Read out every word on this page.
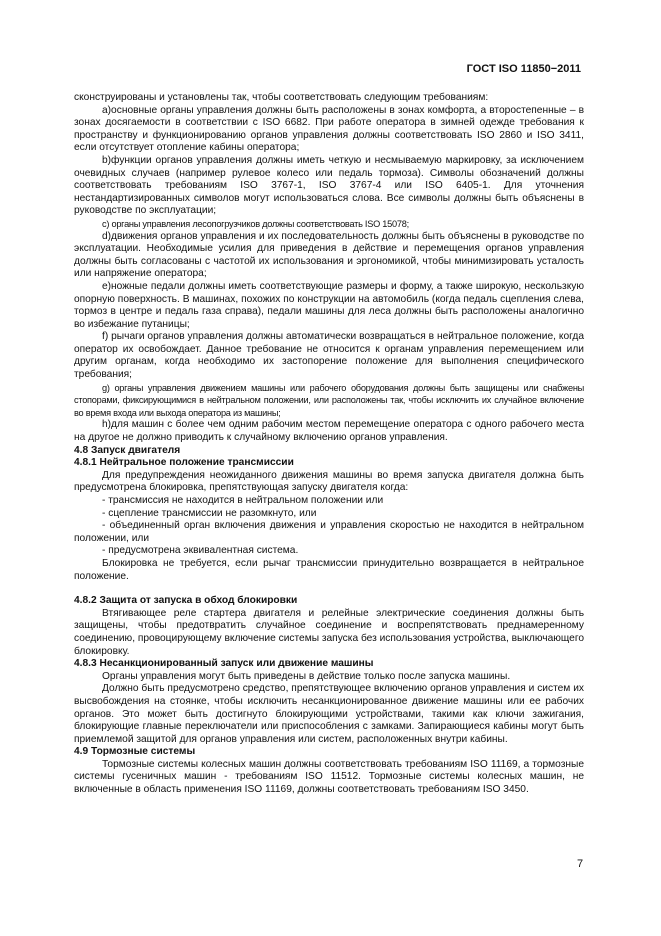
ГОСТ ISO 11850−2011

сконструированы и установлены так, чтобы соответствовать следующим требованиям:

a)основные органы управления должны быть расположены в зонах комфорта, а второстепенные – в зонах досягаемости в соответствии с ISO 6682. При работе оператора в зимней одежде требования к пространству и функционированию органов управления должны соответствовать ISO 2860 и ISO 3411, если отсутствует отопление кабины оператора;

b)функции органов управления должны иметь четкую и несмываемую маркировку, за исключением очевидных случаев (например рулевое колесо или педаль тормоза). Символы обозначений должны соответствовать требованиям ISO 3767-1, ISO 3767-4 или ISO 6405-1. Для уточнения нестандартизированных символов могут использоваться слова. Все символы должны быть объяснены в руководстве по эксплуатации;

c) органы управления лесопогрузчиков должны соответствовать ISO 15078;

d)движения органов управления и их последовательность должны быть объяснены в руководстве по эксплуатации. Необходимые усилия для приведения в действие и перемещения органов управления должны быть согласованы с частотой их использования и эргономикой, чтобы минимизировать усталость или напряжение оператора;

e)ножные педали должны иметь соответствующие размеры и форму, а также широкую, нескользкую опорную поверхность. В машинах, похожих по конструкции на автомобиль (когда педаль сцепления слева, тормоз в центре и педаль газа справа), педали машины для леса должны быть расположены аналогично во избежание путаницы;

f) рычаги органов управления должны автоматически возвращаться в нейтральное положение, когда оператор их освобождает. Данное требование не относится к органам управления перемещением или другим органам, когда необходимо их застопорение положение для выполнения специфического требования;

g) органы управления движением машины или рабочего оборудования должны быть защищены или снабжены стопорами, фиксирующимися в нейтральном положении, или расположены так, чтобы исключить их случайное включение во время входа или выхода оператора из машины;

h)для машин с более чем одним рабочим местом перемещение оператора с одного рабочего места на другое не должно приводить к случайному включению органов управления.

4.8 Запуск двигателя

4.8.1 Нейтральное положение трансмиссии

Для предупреждения неожиданного движения машины во время запуска двигателя должна быть предусмотрена блокировка, препятствующая запуску двигателя когда:

- трансмиссия не находится в нейтральном положении или

- сцепление трансмиссии не разомкнуто, или

- объединенный орган включения движения и управления скоростью не находится в нейтральном положении, или

- предусмотрена эквивалентная система.

Блокировка не требуется, если рычаг трансмиссии принудительно возвращается в нейтральное положение.

4.8.2 Защита от запуска в обход блокировки

Втягивающее реле стартера двигателя и релейные электрические соединения должны быть защищены, чтобы предотвратить случайное соединение и воспрепятствовать преднамеренному соединению, провоцирующему включение системы запуска без использования устройства, выключающего блокировку.

4.8.3 Несанкционированный запуск или движение машины

Органы управления могут быть приведены в действие только после запуска машины.

Должно быть предусмотрено средство, препятствующее включению органов управления и систем их высвобождения на стоянке, чтобы исключить несанкционированное движение машины или ее рабочих органов. Это может быть достигнуто блокирующими устройствами, такими как ключи зажигания, блокирующие главные переключатели или приспособления с замками. Запирающиеся кабины могут быть приемлемой защитой для органов управления или систем, расположенных внутри кабины.

4.9 Тормозные системы

Тормозные системы колесных машин должны соответствовать требованиям ISO 11169, а тормозные системы гусеничных машин - требованиям ISO 11512. Тормозные системы колесных машин, не включенные в область применения ISO 11169, должны соответствовать требованиям ISO 3450.

7
